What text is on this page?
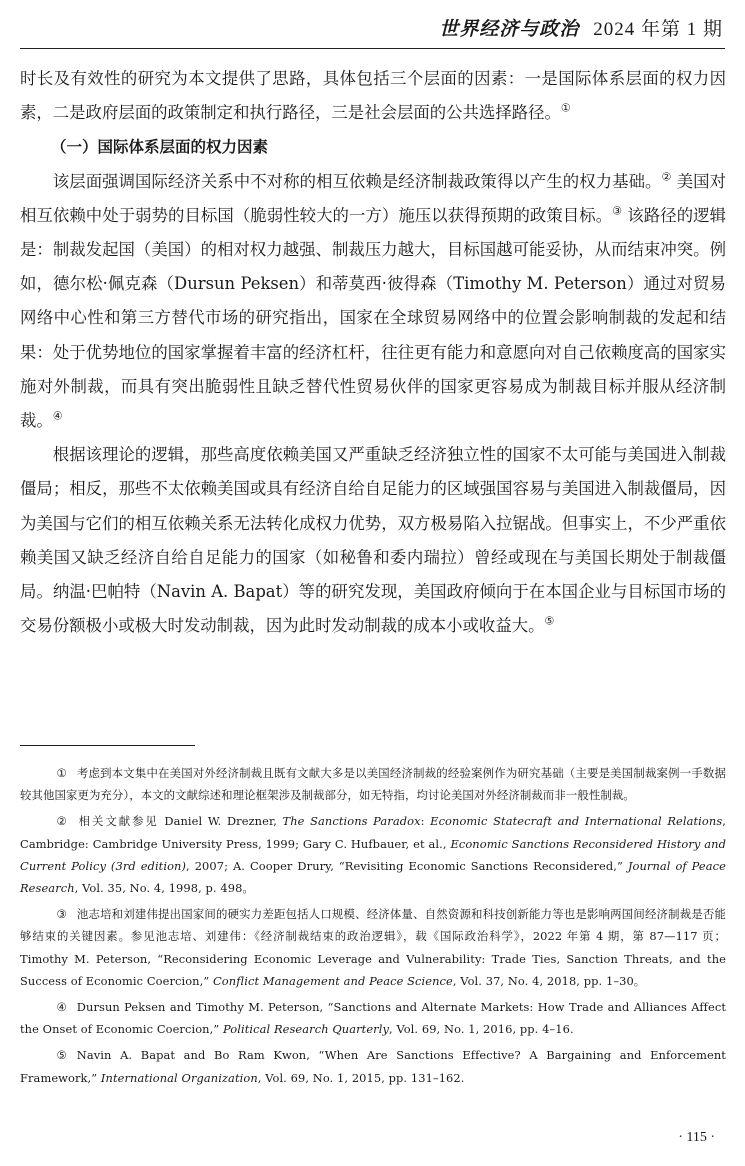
世界经济与政治 2024 年第 1 期

时长及有效性的研究为本文提供了思路，具体包括三个层面的因素：一是国际体系层面的权力因素，二是政府层面的政策制定和执行路径，三是社会层面的公共选择路径。①

（一）国际体系层面的权力因素

该层面强调国际经济关系中不对称的相互依赖是经济制裁政策得以产生的权力基础。② 美国对相互依赖中处于弱势的目标国（脆弱性较大的一方）施压以获得预期的政策目标。③ 该路径的逻辑是：制裁发起国（美国）的相对权力越强、制裁压力越大，目标国越可能妥协，从而结束冲突。例如，德尔松·佩克森（Dursun Peksen）和蒂莫西·彼得森（Timothy M. Peterson）通过对贸易网络中心性和第三方替代市场的研究指出，国家在全球贸易网络中的位置会影响制裁的发起和结果：处于优势地位的国家掌握着丰富的经济杠杆，往往更有能力和意愿向对自己依赖度高的国家实施对外制裁，而具有突出脆弱性且缺乏替代性贸易伙伴的国家更容易成为制裁目标并服从经济制裁。④

根据该理论的逻辑，那些高度依赖美国又严重缺乏经济独立性的国家不太可能与美国进入制裁僵局；相反，那些不太依赖美国或具有经济自给自足能力的区域强国容易与美国进入制裁僵局，因为美国与它们的相互依赖关系无法转化成权力优势，双方极易陷入拉锯战。但事实上，不少严重依赖美国又缺乏经济自给自足能力的国家（如秘鲁和委内瑞拉）曾经或现在与美国长期处于制裁僵局。纳温·巴帕特（Navin A. Bapat）等的研究发现，美国政府倾向于在本国企业与目标国市场的交易份额极小或极大时发动制裁，因为此时发动制裁的成本小或收益大。⑤

① 考虑到本文集中在美国对外经济制裁且既有文献大多是以美国经济制裁的经验案例作为研究基础（主要是美国制裁案例一手数据较其他国家更为充分），本文的文献综述和理论框架涉及制裁部分，如无特指，均讨论美国对外经济制裁而非一般性制裁。

② 相关文献参见 Daniel W. Drezner, The Sanctions Paradox: Economic Statecraft and International Relations, Cambridge: Cambridge University Press, 1999; Gary C. Hufbauer, et al., Economic Sanctions Reconsidered History and Current Policy (3rd edition), 2007; A. Cooper Drury, “Revisiting Economic Sanctions Reconsidered,” Journal of Peace Research, Vol. 35, No. 4, 1998, p. 498。

③ 池志培和刘建伟提出国家间的硬实力差距包括人口规模、经济体量、自然资源和科技创新能力等也是影响两国间经济制裁是否能够结束的关键因素。参见池志培、刘建伟：《经济制裁结束的政治逻辑》，载《国际政治科学》，2022 年第 4 期，第 87—117 页；Timothy M. Peterson, “Reconsidering Economic Leverage and Vulnerability: Trade Ties, Sanction Threats, and the Success of Economic Coercion,” Conflict Management and Peace Science, Vol. 37, No. 4, 2018, pp. 1–30。

④ Dursun Peksen and Timothy M. Peterson, “Sanctions and Alternate Markets: How Trade and Alliances Affect the Onset of Economic Coercion,” Political Research Quarterly, Vol. 69, No. 1, 2016, pp. 4–16.

⑤ Navin A. Bapat and Bo Ram Kwon, “When Are Sanctions Effective? A Bargaining and Enforcement Framework,” International Organization, Vol. 69, No. 1, 2015, pp. 131–162.

· 115 ·
